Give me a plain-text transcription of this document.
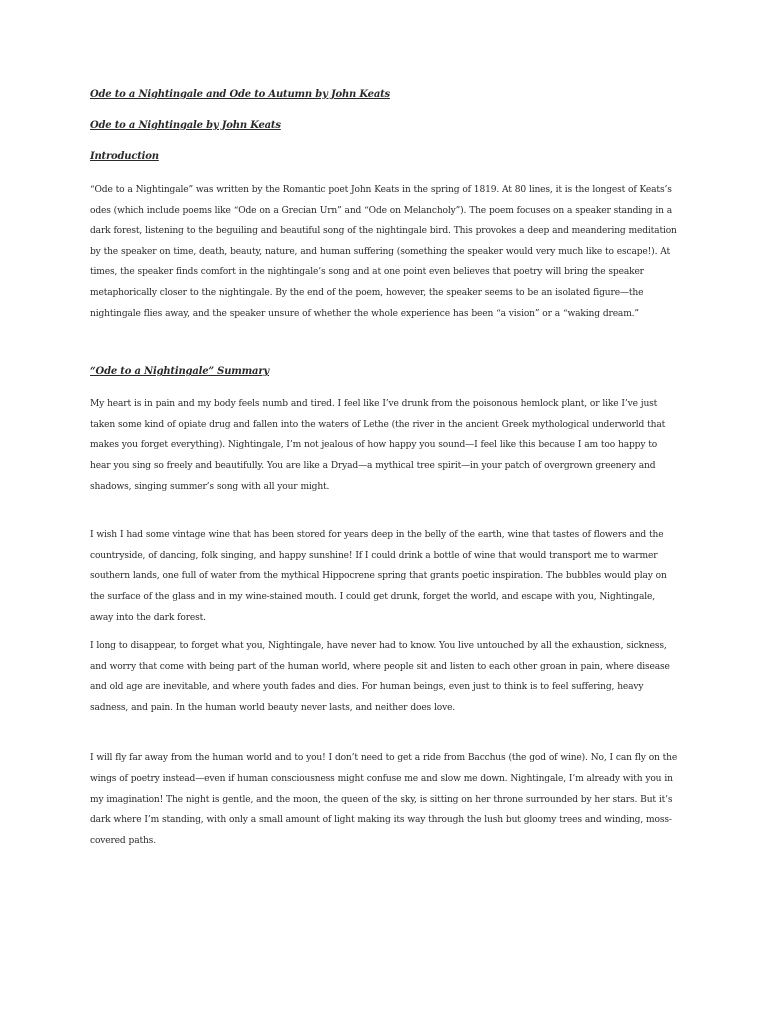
Ode to a Nightingale and Ode to Autumn by John Keats

Ode to a Nightingale by John Keats

Introduction

“Ode to a Nightingale” was written by the Romantic poet John Keats in the spring of 1819. At 80 lines, it is the longest of Keats’s odes (which include poems like “Ode on a Grecian Urn” and “Ode on Melancholy”). The poem focuses on a speaker standing in a dark forest, listening to the beguiling and beautiful song of the nightingale bird. This provokes a deep and meandering meditation by the speaker on time, death, beauty, nature, and human suffering (something the speaker would very much like to escape!). At times, the speaker finds comfort in the nightingale’s song and at one point even believes that poetry will bring the speaker metaphorically closer to the nightingale. By the end of the poem, however, the speaker seems to be an isolated figure—the nightingale flies away, and the speaker unsure of whether the whole experience has been “a vision” or a “waking dream.”

“Ode to a Nightingale” Summary

My heart is in pain and my body feels numb and tired. I feel like I’ve drunk from the poisonous hemlock plant, or like I’ve just taken some kind of opiate drug and fallen into the waters of Lethe (the river in the ancient Greek mythological underworld that makes you forget everything). Nightingale, I’m not jealous of how happy you sound—I feel like this because I am too happy to hear you sing so freely and beautifully. You are like a Dryad—a mythical tree spirit—in your patch of overgrown greenery and shadows, singing summer’s song with all your might.

I wish I had some vintage wine that has been stored for years deep in the belly of the earth, wine that tastes of flowers and the countryside, of dancing, folk singing, and happy sunshine! If I could drink a bottle of wine that would transport me to warmer southern lands, one full of water from the mythical Hippocrene spring that grants poetic inspiration. The bubbles would play on the surface of the glass and in my wine-stained mouth. I could get drunk, forget the world, and escape with you, Nightingale, away into the dark forest.

I long to disappear, to forget what you, Nightingale, have never had to know. You live untouched by all the exhaustion, sickness, and worry that come with being part of the human world, where people sit and listen to each other groan in pain, where disease and old age are inevitable, and where youth fades and dies. For human beings, even just to think is to feel suffering, heavy sadness, and pain. In the human world beauty never lasts, and neither does love.

I will fly far away from the human world and to you! I don’t need to get a ride from Bacchus (the god of wine). No, I can fly on the wings of poetry instead—even if human consciousness might confuse me and slow me down. Nightingale, I’m already with you in my imagination! The night is gentle, and the moon, the queen of the sky, is sitting on her throne surrounded by her stars. But it’s dark where I’m standing, with only a small amount of light making its way through the lush but gloomy trees and winding, moss-covered paths.
